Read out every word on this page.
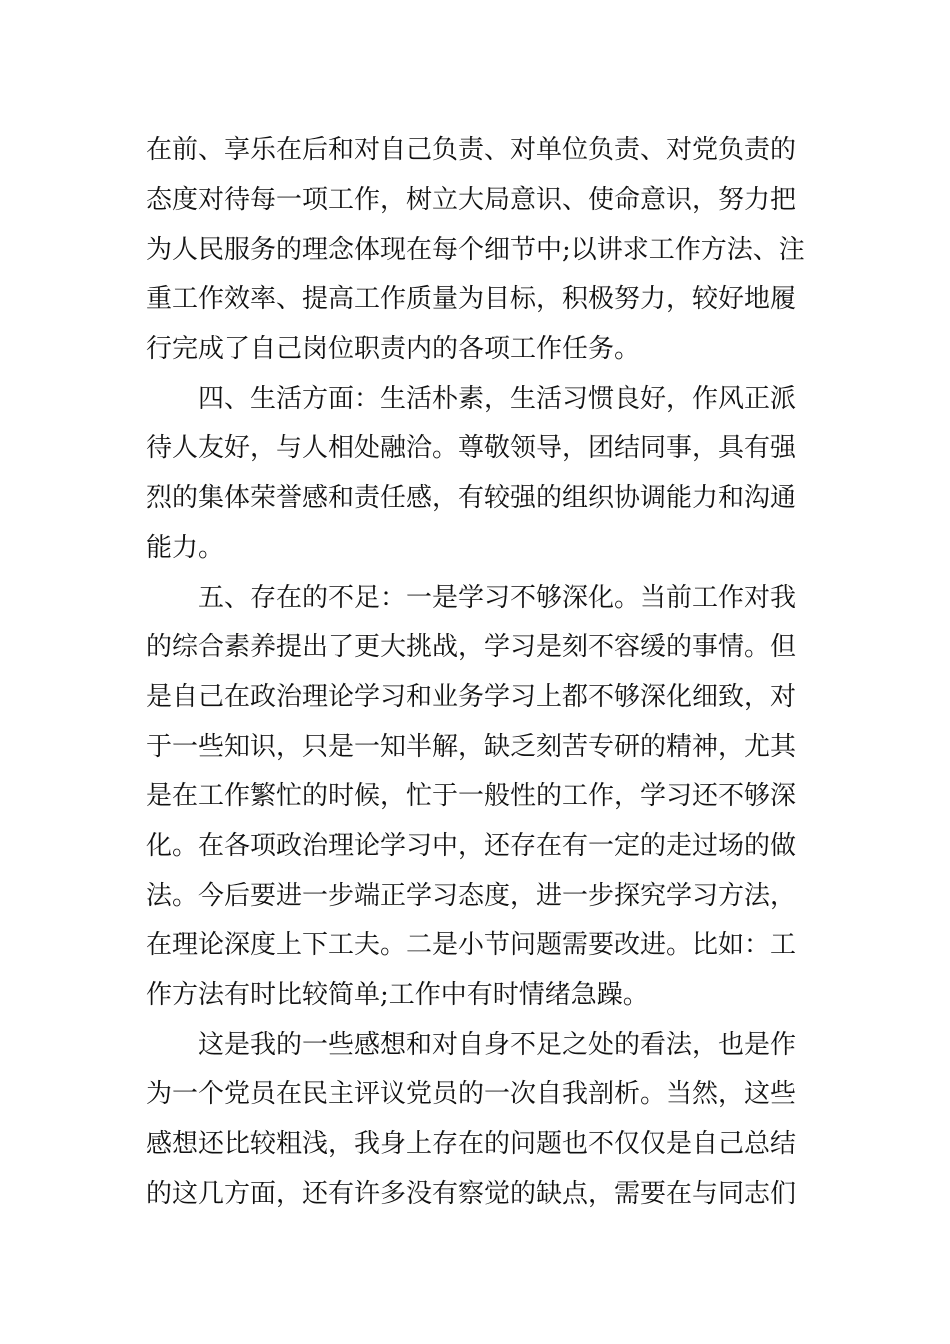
在前、享乐在后和对自己负责、对单位负责、对党负责的
态度对待每一项工作，树立大局意识、使命意识，努力把
为人民服务的理念体现在每个细节中;以讲求工作方法、注
重工作效率、提高工作质量为目标，积极努力，较好地履
行完成了自己岗位职责内的各项工作任务。
四、生活方面：生活朴素，生活习惯良好，作风正派
待人友好，与人相处融洽。尊敬领导，团结同事，具有强
烈的集体荣誉感和责任感，有较强的组织协调能力和沟通
能力。
五、存在的不足：一是学习不够深化。当前工作对我
的综合素养提出了更大挑战，学习是刻不容缓的事情。但
是自己在政治理论学习和业务学习上都不够深化细致，对
于一些知识，只是一知半解，缺乏刻苦专研的精神，尤其
是在工作繁忙的时候，忙于一般性的工作，学习还不够深
化。在各项政治理论学习中，还存在有一定的走过场的做
法。今后要进一步端正学习态度，进一步探究学习方法，
在理论深度上下工夫。二是小节问题需要改进。比如：工
作方法有时比较简单;工作中有时情绪急躁。
这是我的一些感想和对自身不足之处的看法，也是作
为一个党员在民主评议党员的一次自我剖析。当然，这些
感想还比较粗浅，我身上存在的问题也不仅仅是自己总结
的这几方面，还有许多没有察觉的缺点，需要在与同志们
